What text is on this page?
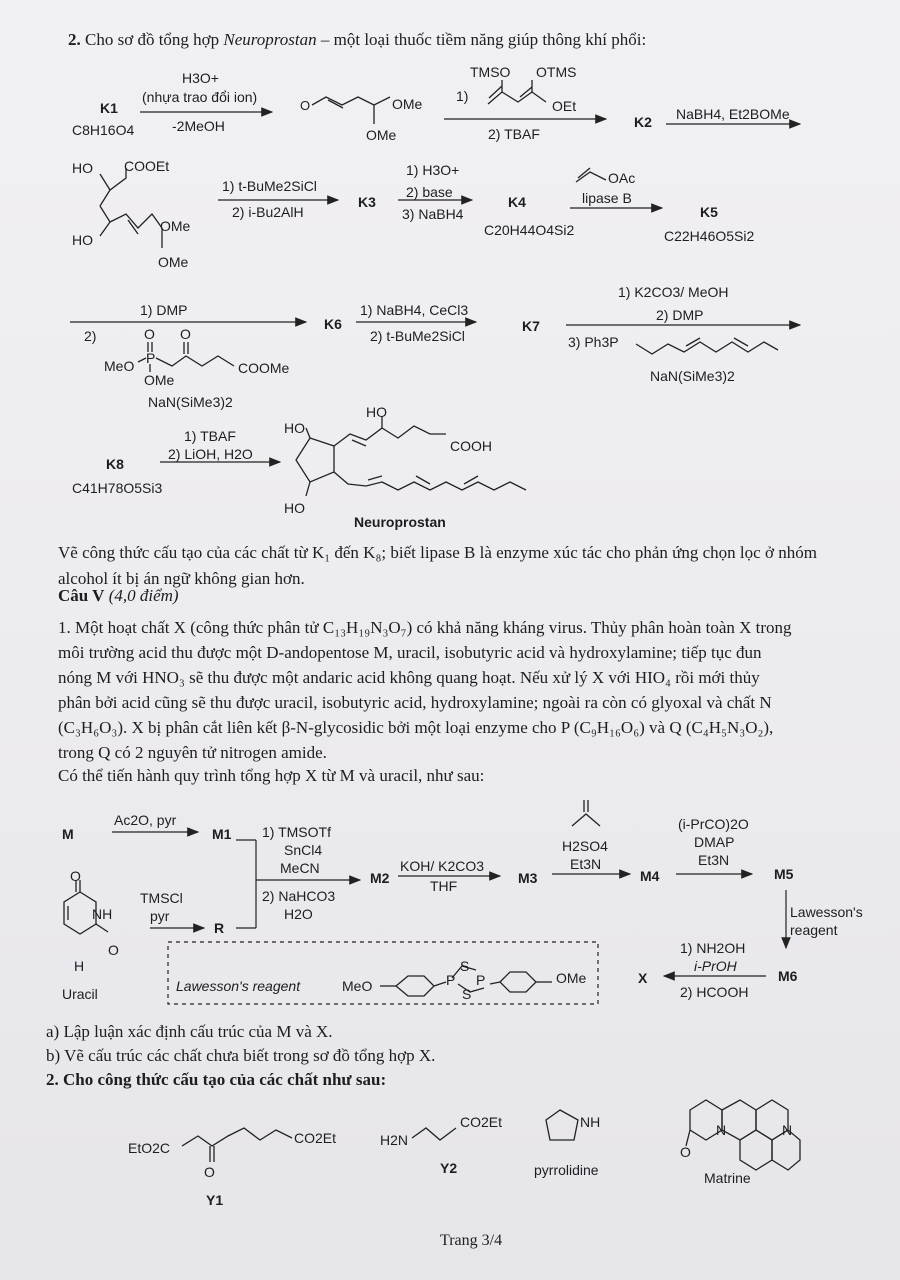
O
2. Cho sơ đồ tổng hợp Neuroprostan – một loại thuốc tiềm năng giúp thông khí phổi:
K1
C8H16O4
H3O+
(nhựa trao đổi ion)
-2MeOH
OMe
OMe
TMSO OTMS
OEt
1)
2) TBAF
K2 NaBH4, Et2BOMe
HO COOEt
HO
OMe
OMe
1) t-BuMe2SiCl
2) i-Bu2AlH
K3
1) H3O+
2) base
3) NaBH4
K4
C20H44O4Si2
OAc
lipase B
K5
C22H46O5Si2
1) DMP
2)	O O
P
MeO
OMe
COOMe
NaN(SiMe3)2
K6
1) NaBH4, CeCl3
2) t-BuMe2SiCl
K7
1) K2CO3/ MeOH
2) DMP
3) Ph3P
NaN(SiMe3)2
K8
C41H78O5Si3
1) TBAF
2) LiOH, H2O
HO
HO
COOH
HO
Neuroprostan
Vẽ công thức cấu tạo của các chất từ K₁ đến K₈; biết lipase B là enzyme xúc tác cho phản ứng chọn lọc ở nhóm alcohol ít bị án ngữ không gian hơn.
Câu V (4,0 điểm)
1. Một hoạt chất X (công thức phân tử C₁₃H₁₉N₃O₇) có khả năng kháng virus. Thủy phân hoàn toàn X trong
môi trường acid thu được một D-andopentose M, uracil, isobutyric acid và hydroxylamine; tiếp tục đun
nóng M với HNO₃ sẽ thu được một andaric acid không quang hoạt. Nếu xử lý X với HIO₄ rồi mới thủy
phân bởi acid cũng sẽ thu được uracil, isobutyric acid, hydroxylamine; ngoài ra còn có glyoxal và chất N
(C₃H₆O₃). X bị phân cắt liên kết β-N-glycosidic bởi một loại enzyme cho P (C₉H₁₆O₆) và Q (C₄H₅N₃O₂),
trong Q có 2 nguyên tử nitrogen amide.
Có thể tiến hành quy trình tổng hợp X từ M và uracil, như sau:
M
Ac2O, pyr
M1 1) TMSOTf
SnCl4
MeCN
2) NaHCO3
H2O
M2
KOH/ K2CO3
THF	M3
H2SO4
Et3N
M4
(i-PrCO)2O
DMAP
Et3N
M5
Lawesson's
reagent
TMSCl
pyr
R
O
NH
O
H
Uracil	Lawesson's reagent	MeO	OMe
P P
S
S
X
1) NH2OH
i-PrOH
2) HCOOH
M6
a) Lập luận xác định cấu trúc của M và X.
b) Vẽ cấu trúc các chất chưa biết trong sơ đồ tổng hợp X.
2. Cho công thức cấu tạo của các chất như sau:
EtO2C
CO2Et
O
Y1
H2N
CO2Et
Y2
NH
pyrrolidine
N	N
O
Matrine
Trang 3/4
